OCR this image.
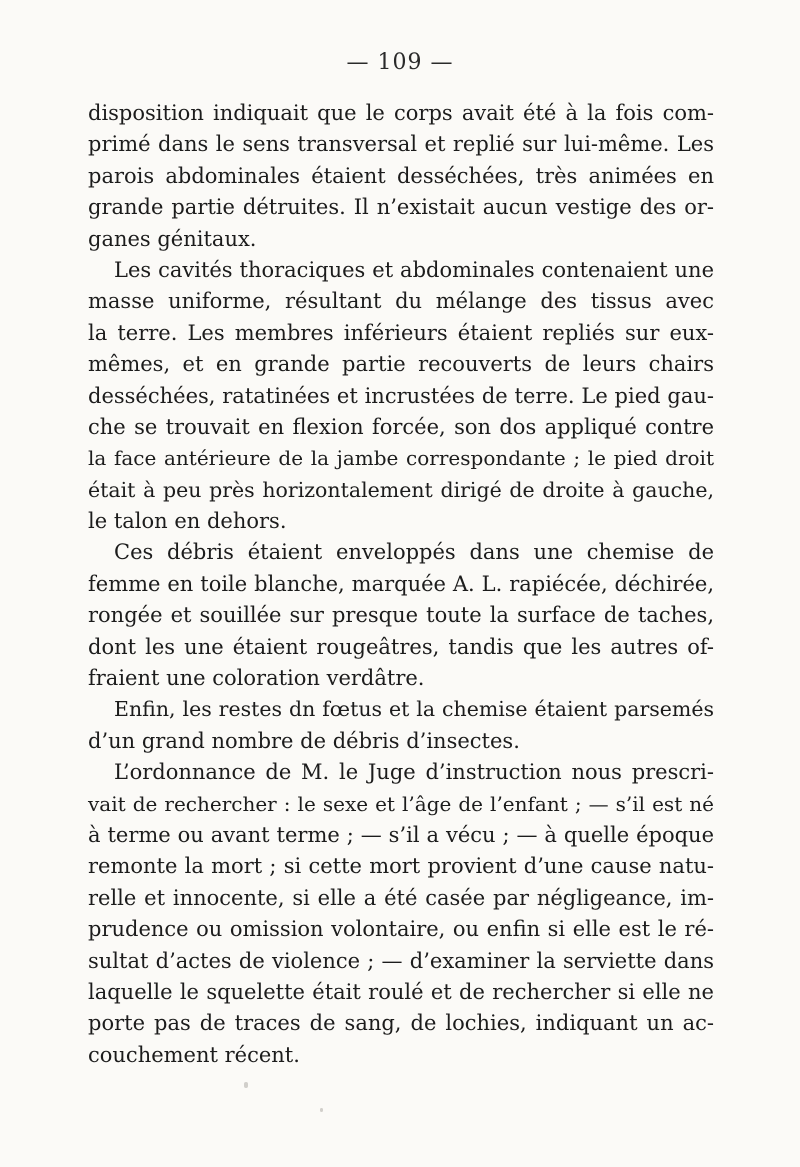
— 109 —
disposition indiquait que le corps avait été à la fois com-
primé dans le sens transversal et replié sur lui-même. Les
parois abdominales étaient desséchées, très animées en
grande partie détruites. Il n’existait aucun vestige des or-
ganes génitaux.
Les cavités thoraciques et abdominales contenaient une
masse uniforme, résultant du mélange des tissus avec
la terre. Les membres inférieurs étaient repliés sur eux-
mêmes, et en grande partie recouverts de leurs chairs
desséchées, ratatinées et incrustées de terre. Le pied gau-
che se trouvait en flexion forcée, son dos appliqué contre
la face antérieure de la jambe correspondante ; le pied droit
était à peu près horizontalement dirigé de droite à gauche,
le talon en dehors.
Ces débris étaient enveloppés dans une chemise de
femme en toile blanche, marquée A. L. rapiécée, déchirée,
rongée et souillée sur presque toute la surface de taches,
dont les une étaient rougeâtres, tandis que les autres of-
fraient une coloration verdâtre.
Enfin, les restes dn fœtus et la chemise étaient parsemés
d’un grand nombre de débris d’insectes.
L’ordonnance de M. le Juge d’instruction nous prescri-
vait de rechercher : le sexe et l’âge de l’enfant ; — s’il est né
à terme ou avant terme ; — s’il a vécu ; — à quelle époque
remonte la mort ; si cette mort provient d’une cause natu-
relle et innocente, si elle a été casée par négligeance, im-
prudence ou omission volontaire, ou enfin si elle est le ré-
sultat d’actes de violence ; — d’examiner la serviette dans
laquelle le squelette était roulé et de rechercher si elle ne
porte pas de traces de sang, de lochies, indiquant un ac-
couchement récent.
